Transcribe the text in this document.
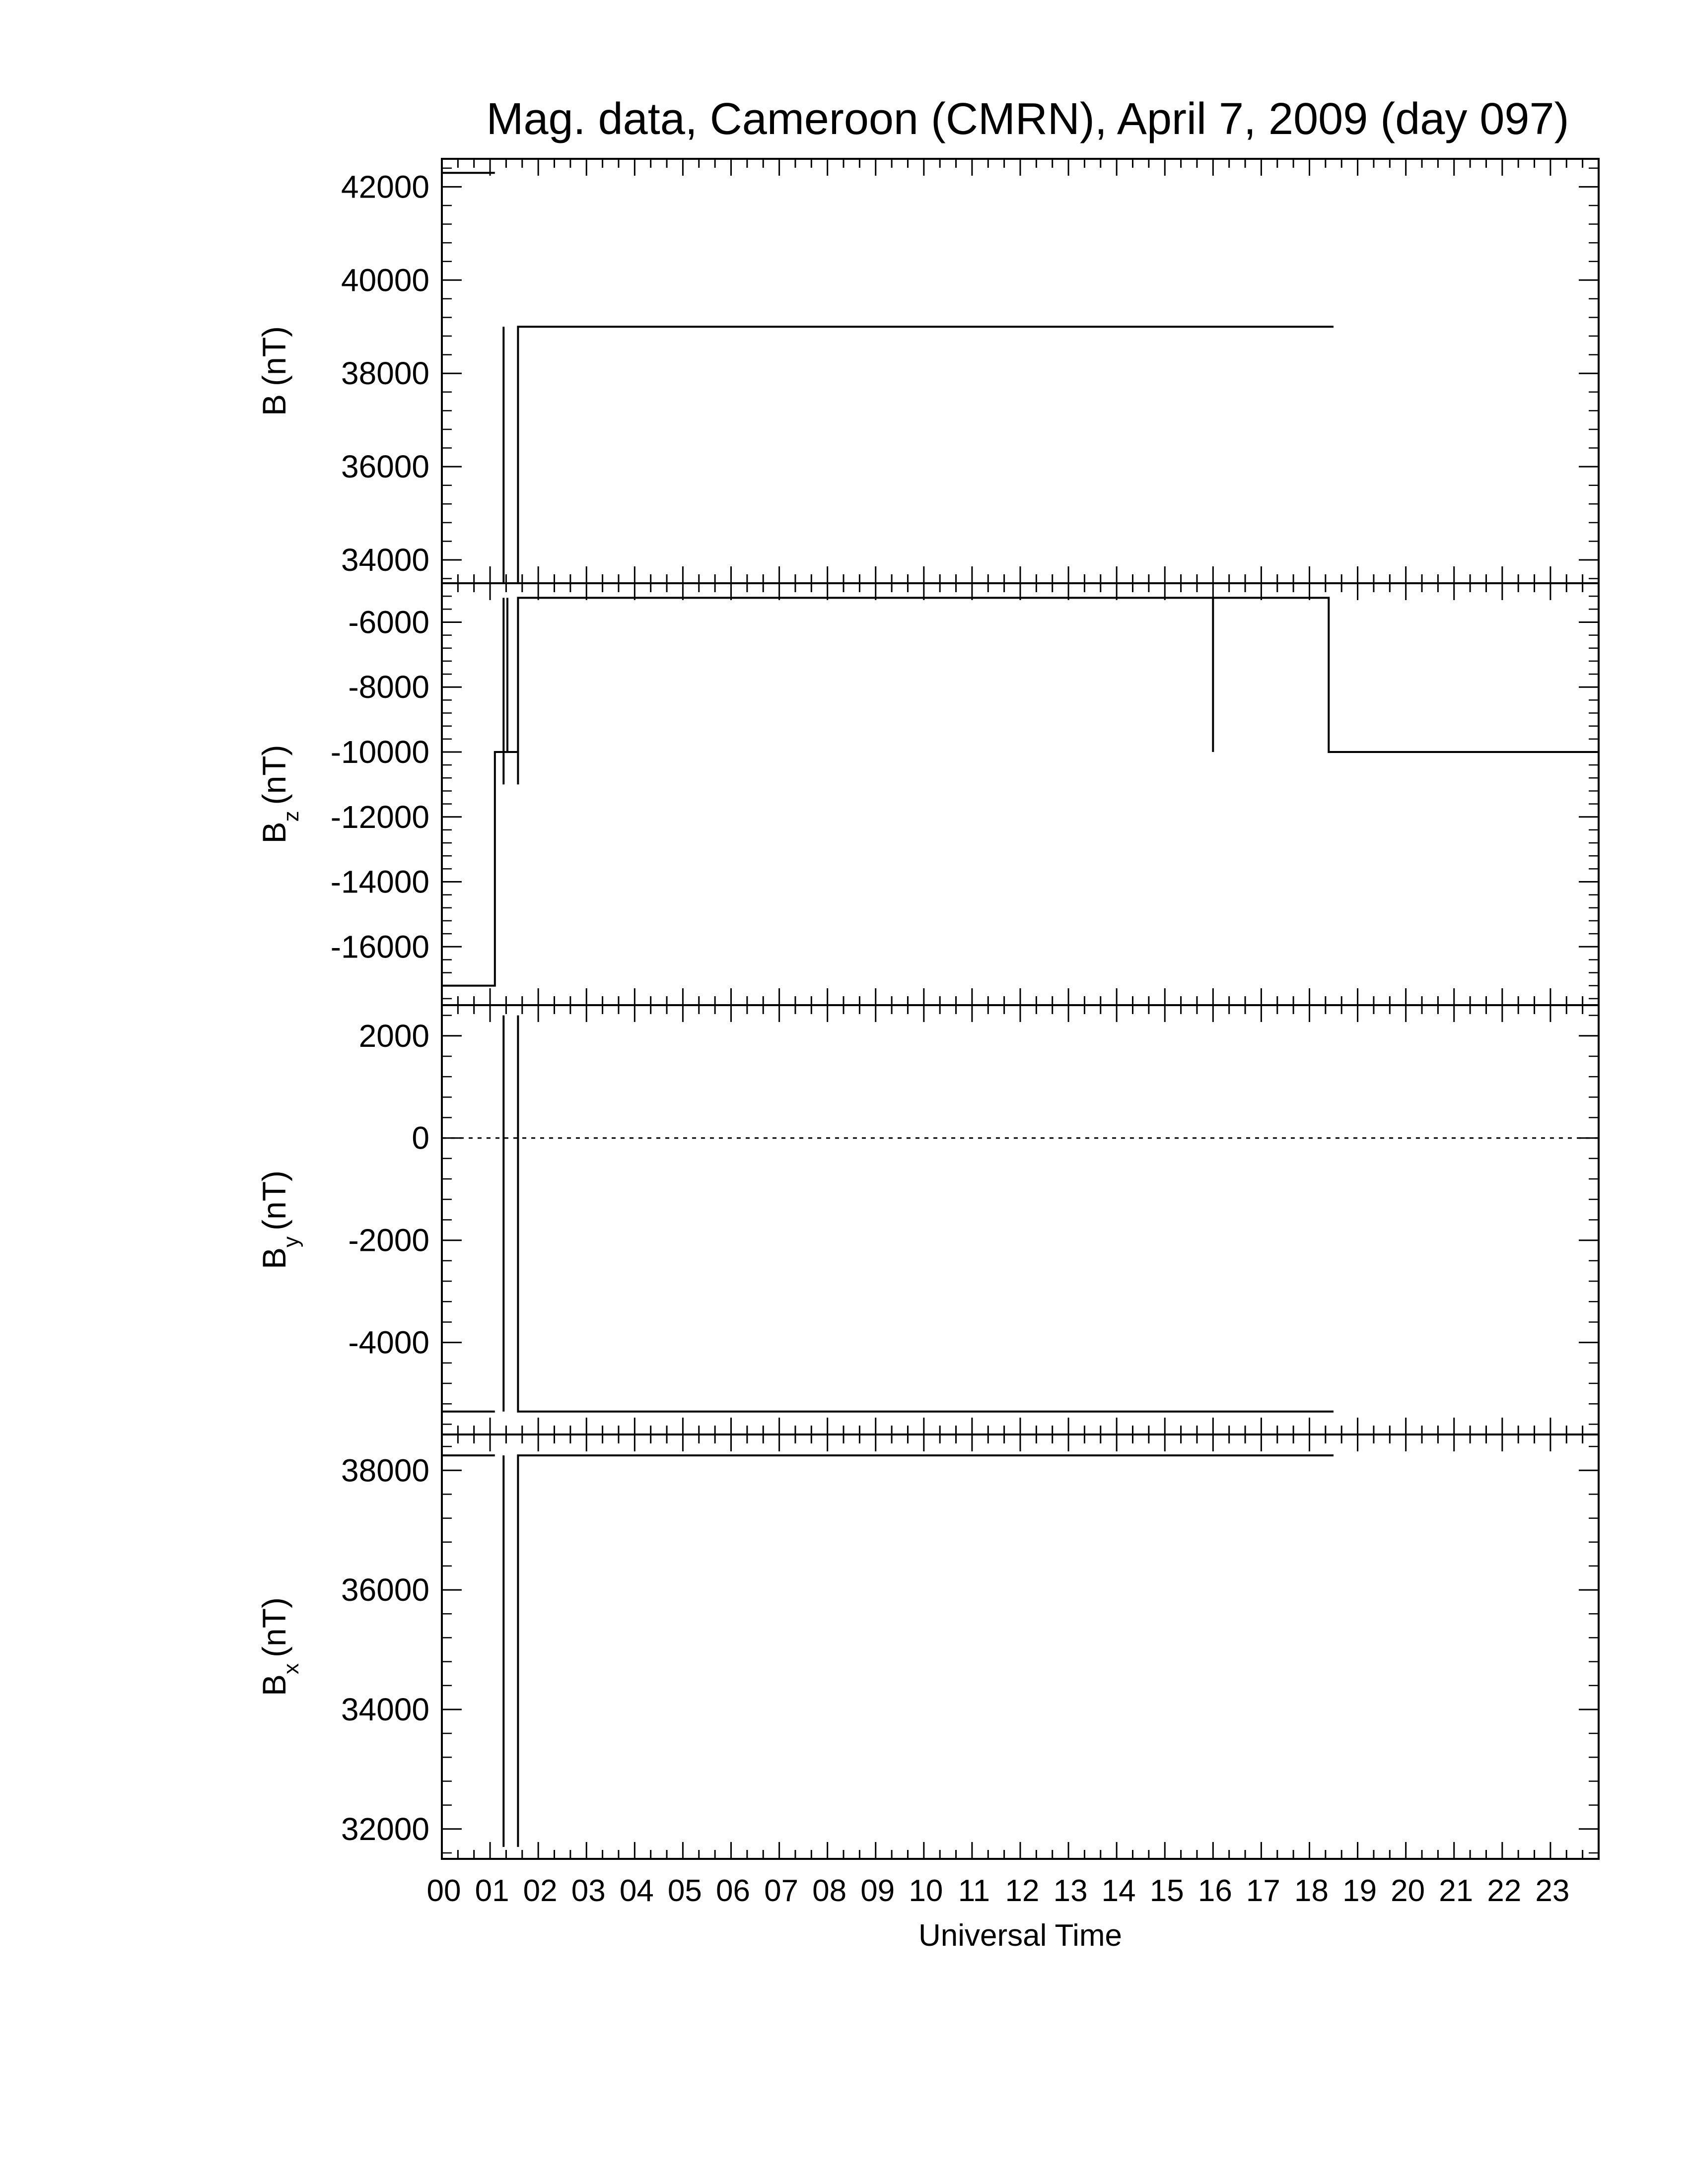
Mag. data, Cameroon (CMRN), April 7, 2009 (day 097)
34000
36000
38000
40000
42000
B(nT)
-16000
-14000
-12000
-10000
-8000
-6000
$B_z(nT)$
-4000
-2000
0
2000
$B_y(nT)$
32000
34000
36000
38000
$B_x(nT)$
00 01 02 03 04 05 06 07 08 09 10 11 12 13 14 15 16 17 18 19 20 21 22 23
Universal Time
